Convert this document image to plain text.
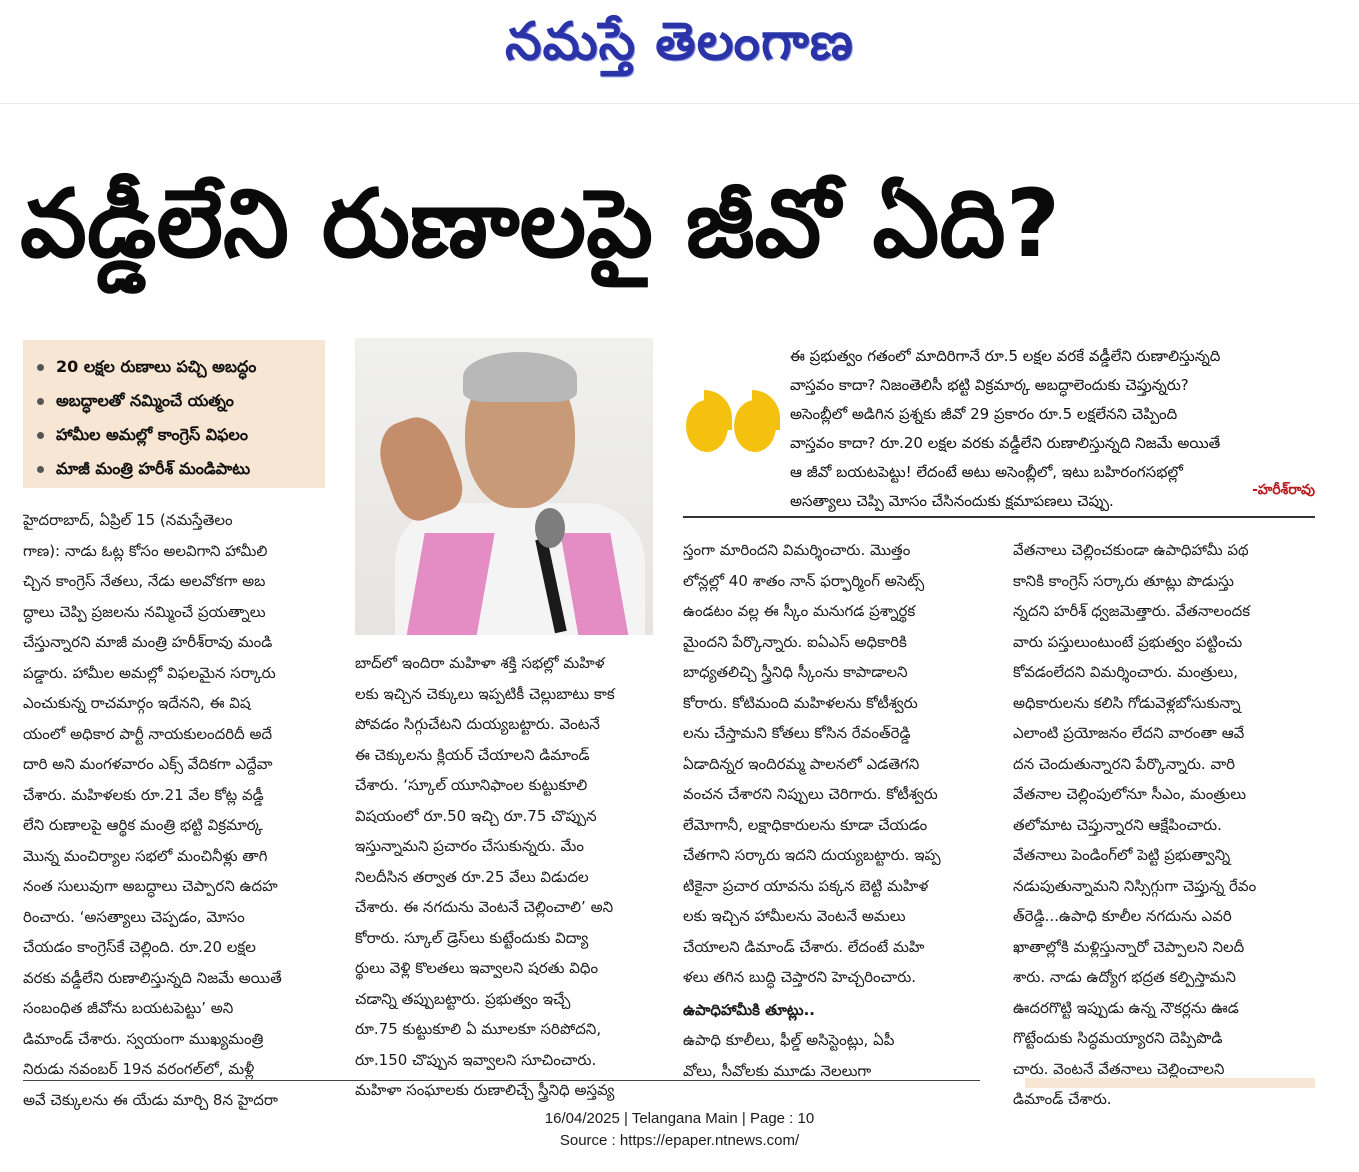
నమస్తే తెలంగాణ
వడ్డీలేని రుణాలపై జీవో ఏది?
20 లక్షల రుణాలు పచ్చి అబద్ధం
అబద్ధాలతో నమ్మించే యత్నం
హామీల అమల్లో కాంగ్రెస్‌ విఫలం
మాజీ మంత్రి హరీశ్‌ మండిపాటు

ఈ ప్రభుత్వం గతంలో మాదిరిగానే రూ.5 లక్షల వరకే వడ్డీలేని రుణాలిస్తున్నది

వాస్తవం కాదా? నిజంతెలిసీ భట్టి విక్రమార్క అబద్ధాలెందుకు చెప్తున్నరు?

అసెంబ్లీలో అడిగిన ప్రశ్నకు జీవో 29 ప్రకారం రూ.5 లక్షలేనని చెప్పింది

వాస్తవం కాదా? రూ.20 లక్షల వరకు వడ్డీలేని రుణాలిస్తున్నది నిజమే అయితే

ఆ జీవో బయటపెట్టు! లేదంటే అటు అసెంబ్లీలో, ఇటు బహిరంగసభల్లో

అసత్యాలు చెప్పి మోసం చేసినందుకు క్షమాపణలు చెప్పు.

-హరీశ్‌రావు

హైదరాబాద్‌, ఏప్రిల్‌ 15 (నమస్తేతెలం

గాణ): నాడు ఓట్ల కోసం అలవిగాని హామీలి

చ్చిన కాంగ్రెస్‌ నేతలు, నేడు అలవోకగా అబ

ద్ధాలు చెప్పి ప్రజలను నమ్మించే ప్రయత్నాలు

చేస్తున్నారని మాజీ మంత్రి హరీశ్‌రావు మండి

పడ్డారు. హామీల అమల్లో విఫలమైన సర్కారు

ఎంచుకున్న రాచమార్గం ఇదేనని, ఈ విష

యంలో అధికార పార్టీ నాయకులందరిదీ అదే

దారి అని మంగళవారం ఎక్స్‌ వేదికగా ఎద్దేవా

చేశారు. మహిళలకు రూ.21 వేల కోట్ల వడ్డీ

లేని రుణాలపై ఆర్థిక మంత్రి భట్టి విక్రమార్క

మొన్న మంచిర్యాల సభలో మంచినీళ్లు తాగి

నంత సులువుగా అబద్ధాలు చెప్పారని ఉదహ

రించారు. ‘అసత్యాలు చెప్పడం, మోసం

చేయడం కాంగ్రెస్‌కే చెల్లింది. రూ.20 లక్షల

వరకు వడ్డీలేని రుణాలిస్తున్నది నిజమే అయితే

సంబంధిత జీవోను బయటపెట్టు’ అని

డిమాండ్‌ చేశారు. స్వయంగా ముఖ్యమంత్రి

నిరుడు నవంబర్‌ 19న వరంగల్‌లో, మళ్లీ

అవే చెక్కులను ఈ యేడు మార్చి 8న హైదరా

బాద్‌లో ఇందిరా మహిళా శక్తి సభల్లో మహిళ

లకు ఇచ్చిన చెక్కులు ఇప్పటికీ చెల్లుబాటు కాక

పోవడం సిగ్గుచేటని దుయ్యబట్టారు. వెంటనే

ఈ చెక్కులను క్లియర్‌ చేయాలని డిమాండ్‌

చేశారు. ‘స్కూల్‌ యూనిఫాంల కుట్టుకూలి

విషయంలో రూ.50 ఇచ్చి రూ.75 చొప్పున

ఇస్తున్నామని ప్రచారం చేసుకున్నరు. మేం

నిలదీసిన తర్వాత రూ.25 వేలు విడుదల

చేశారు. ఈ నగదును వెంటనే చెల్లించాలి’ అని

కోరారు. స్కూల్‌ డ్రెస్‌లు కుట్టేందుకు విద్యా

ర్థులు వెళ్లి కొలతలు ఇవ్వాలని షరతు విధిం

చడాన్ని తప్పుబట్టారు. ప్రభుత్వం ఇచ్చే

రూ.75 కుట్టుకూలి ఏ మూలకూ సరిపోదని,

రూ.150 చొప్పున ఇవ్వాలని సూచించారు.

మహిళా సంఘాలకు రుణాలిచ్చే స్త్రీనిధి అస్తవ్య

స్తంగా మారిందని విమర్శించారు. మొత్తం

లోన్లల్లో 40 శాతం నాన్‌ ఫర్ఫార్మింగ్‌ అసెట్స్‌

ఉండటం వల్ల ఈ స్కీం మనుగడ ప్రశ్నార్థక

మైందని పేర్కొన్నారు. ఐఏఎస్‌ అధికారికి

బాధ్యతలిచ్చి స్త్రీనిధి స్కీంను కాపాడాలని

కోరారు. కోటిమంది మహిళలను కోటీశ్వరు

లను చేస్తామని కోతలు కోసిన రేవంత్‌రెడ్డి

ఏడాదిన్నర ఇందిరమ్మ పాలనలో ఎడతెగని

వంచన చేశారని నిప్పులు చెరిగారు. కోటీశ్వరు

లేమోగానీ, లక్షాధికారులను కూడా చేయడం

చేతగాని సర్కారు ఇదని దుయ్యబట్టారు. ఇప్ప

టికైనా ప్రచార యావను పక్కన బెట్టి మహిళ

లకు ఇచ్చిన హామీలను వెంటనే అమలు

చేయాలని డిమాండ్‌ చేశారు. లేదంటే మహి

ళలు తగిన బుద్ధి చెప్తారని హెచ్చరించారు.

ఉపాధిహామీకి తూట్లు..

ఉపాధి కూలీలు, ఫీల్డ్‌ అసిస్టెంట్లు, ఏపీ

వోలు, సీవోలకు మూడు నెలలుగా

వేతనాలు చెల్లించకుండా ఉపాధిహామీ పథ

కానికి కాంగ్రెస్‌ సర్కారు తూట్లు పొడుస్తు

న్నదని హరీశ్‌ ధ్వజమెత్తారు. వేతనాలందక

వారు పస్తులుంటుంటే ప్రభుత్వం పట్టించు

కోవడంలేదని విమర్శించారు. మంత్రులు,

అధికారులను కలిసి గోడువెళ్లబోసుకున్నా

ఎలాంటి ప్రయోజనం లేదని వారంతా ఆవే

దన చెందుతున్నారని పేర్కొన్నారు. వారి

వేతనాల చెల్లింపులోనూ సీఎం, మంత్రులు

తలోమాట చెప్తున్నారని ఆక్షేపించారు.

వేతనాలు పెండింగ్‌లో పెట్టి ప్రభుత్వాన్ని

నడుపుతున్నామని నిస్సిగ్గుగా చెప్తున్న రేవం

త్‌రెడ్డి...ఉపాధి కూలీల నగదును ఎవరి

ఖాతాల్లోకి మళ్లిస్తున్నారో చెప్పాలని నిలదీ

శారు. నాడు ఉద్యోగ భద్రత కల్పిస్తామని

ఊదరగొట్టి ఇప్పుడు ఉన్న నౌకర్లను ఊడ

గొట్టేందుకు సిద్ధమయ్యారని దెప్పిపొడి

చారు. వెంటనే వేతనాలు చెల్లించాలని

డిమాండ్‌ చేశారు.

16/04/2025 | Telangana Main | Page : 10
Source : https://epaper.ntnews.com/
